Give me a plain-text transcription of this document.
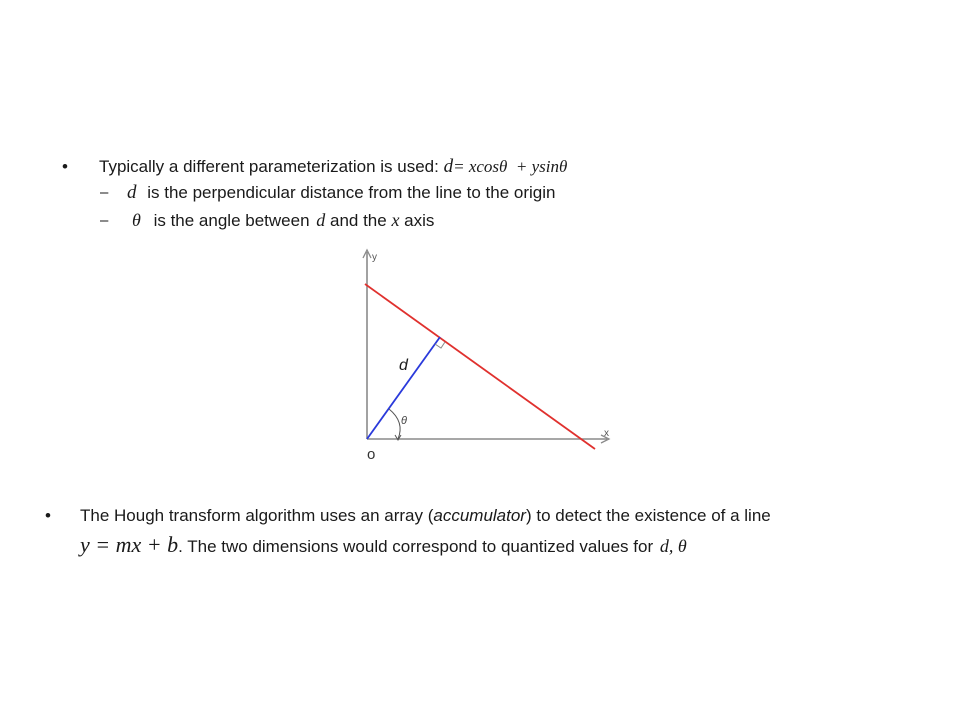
• Typically a different parameterization is used: d= xcosθ  + ysinθ
– d is the perpendicular distance from the line to the origin
– θ is the angle between d and the x axis
y
x
o
θ
d
• The Hough transform algorithm uses an array (accumulator) to detect the existence of a line
y = mx + b. The two dimensions would correspond to quantized values for d, θ
